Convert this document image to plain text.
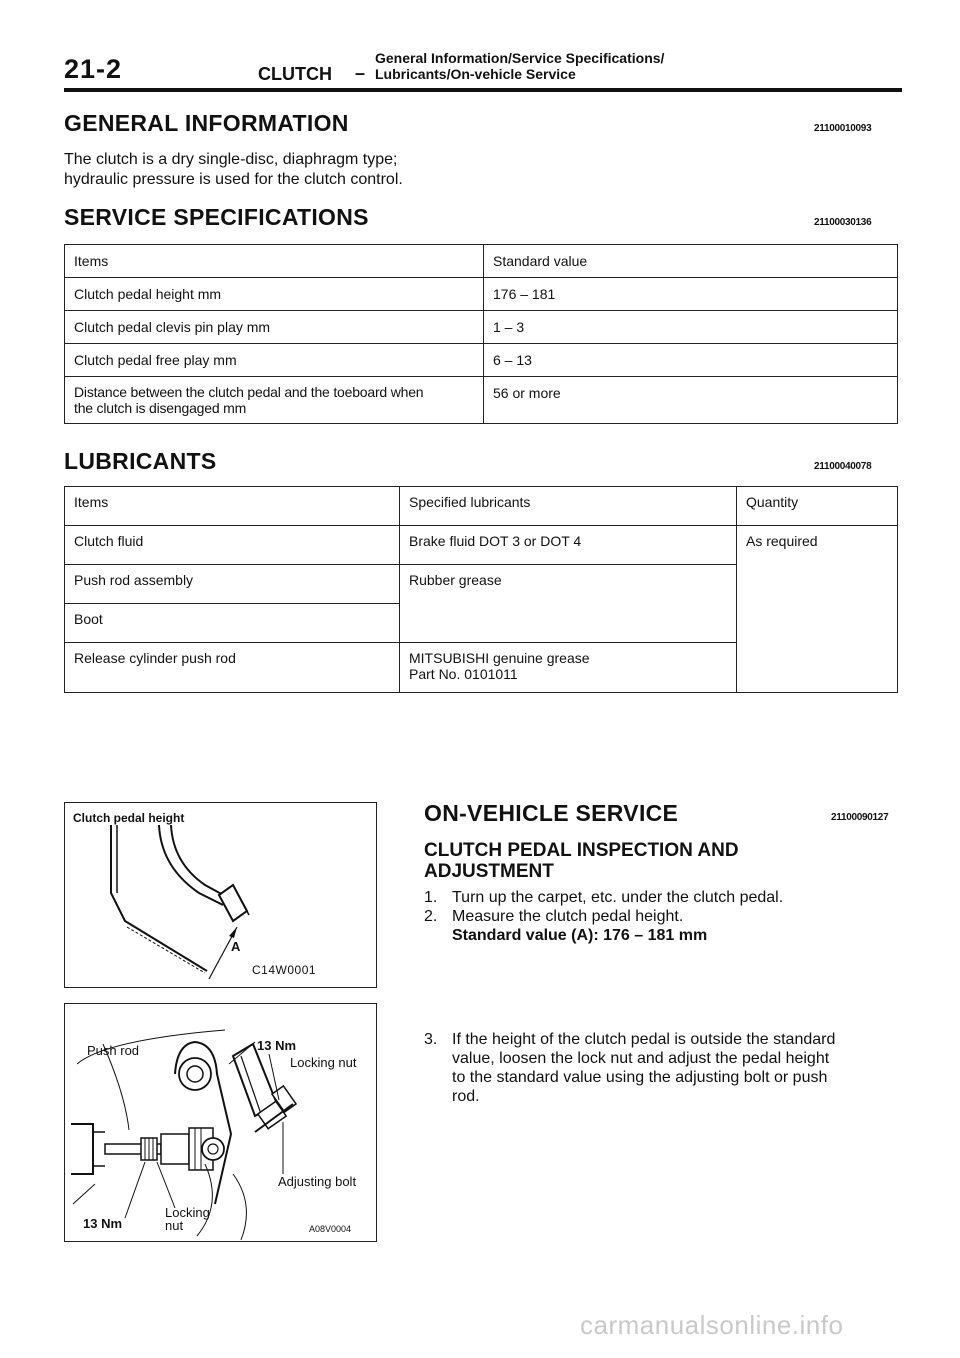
21-2	CLUTCH –
General Information/Service Specifications/
Lubricants/On-vehicle Service
GENERAL INFORMATION	21100010093
The clutch is a dry single-disc, diaphragm type;
hydraulic pressure is used for the clutch control.
SERVICE SPECIFICATIONS	21100030136
Items	Standard value
Clutch pedal height mm	176 – 181
Clutch pedal clevis pin play mm	1 – 3
Clutch pedal free play mm	6 – 13

Distance between the clutch pedal and the toeboard when
the clutch is disengaged mm	56 or more
LUBRICANTS	21100040078
Items	Specified lubricants	Quantity
Clutch fluid	Brake fluid DOT 3 or DOT 4	As required
Push rod assembly	Rubber grease	
Boot		
Release cylinder push rod	MITSUBISHI genuine grease
Part No. 0101011	
Clutch pedal height
A
C14W0001
Push rod	13 Nm
Locking nut
Adjusting bolt
13 Nm
Locking
nut	A08V0004
ON-VEHICLE SERVICE	21100090127
CLUTCH PEDAL INSPECTION AND
ADJUSTMENT
1. Turn up the carpet, etc. under the clutch pedal.
2. Measure the clutch pedal height.
Standard value (A): 176 – 181 mm
3. If the height of the clutch pedal is outside the standard
value, loosen the lock nut and adjust the pedal height
to the standard value using the adjusting bolt or push
rod.
carmanualsonline.info
